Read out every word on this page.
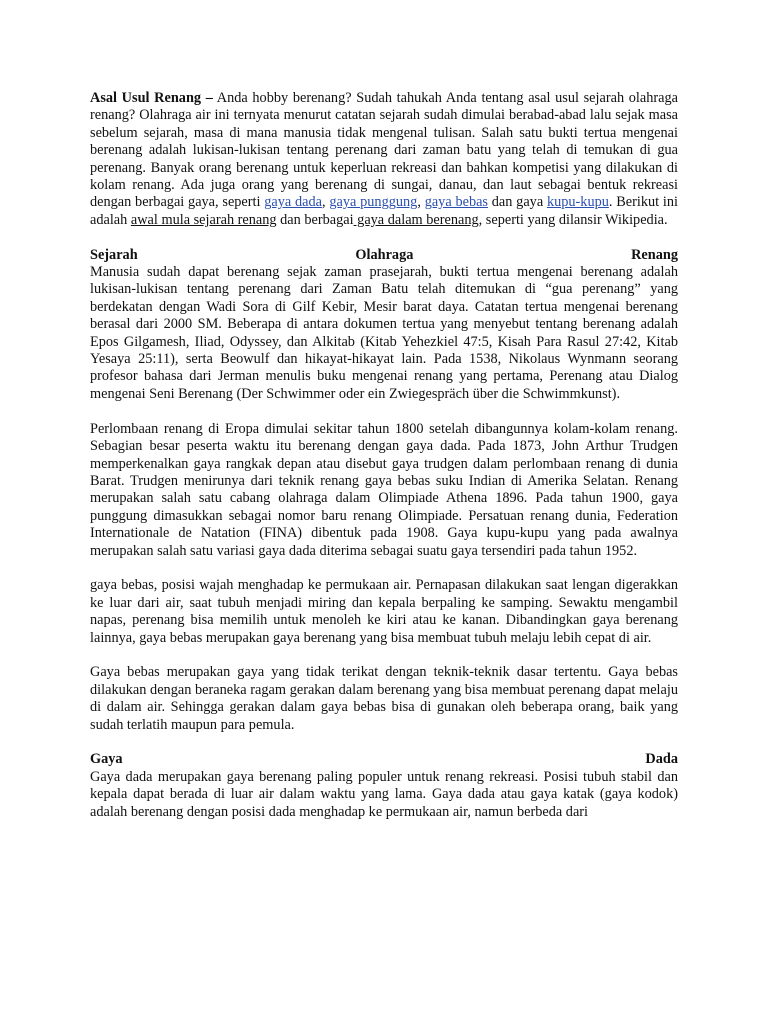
Asal Usul Renang – Anda hobby berenang? Sudah tahukah Anda tentang asal usul sejarah olahraga renang? Olahraga air ini ternyata menurut catatan sejarah sudah dimulai berabad-abad lalu sejak masa sebelum sejarah, masa di mana manusia tidak mengenal tulisan. Salah satu bukti tertua mengenai berenang adalah lukisan-lukisan tentang perenang dari zaman batu yang telah di temukan di gua perenang. Banyak orang berenang untuk keperluan rekreasi dan bahkan kompetisi yang dilakukan di kolam renang. Ada juga orang yang berenang di sungai, danau, dan laut sebagai bentuk rekreasi dengan berbagai gaya, seperti gaya dada, gaya punggung, gaya bebas dan gaya kupu-kupu. Berikut ini adalah awal mula sejarah renang dan berbagai gaya dalam berenang, seperti yang dilansir Wikipedia.

Sejarah	Olahraga	Renang

Manusia sudah dapat berenang sejak zaman prasejarah, bukti tertua mengenai berenang adalah lukisan-lukisan tentang perenang dari Zaman Batu telah ditemukan di “gua perenang” yang berdekatan dengan Wadi Sora di Gilf Kebir, Mesir barat daya. Catatan tertua mengenai berenang berasal dari 2000 SM. Beberapa di antara dokumen tertua yang menyebut tentang berenang adalah Epos Gilgamesh, Iliad, Odyssey, dan Alkitab (Kitab Yehezkiel 47:5, Kisah Para Rasul 27:42, Kitab Yesaya 25:11), serta Beowulf dan hikayat-hikayat lain. Pada 1538, Nikolaus Wynmann seorang profesor bahasa dari Jerman menulis buku mengenai renang yang pertama, Perenang atau Dialog mengenai Seni Berenang (Der Schwimmer oder ein Zwiegespräch über die Schwimmkunst).

Perlombaan renang di Eropa dimulai sekitar tahun 1800 setelah dibangunnya kolam-kolam renang. Sebagian besar peserta waktu itu berenang dengan gaya dada. Pada 1873, John Arthur Trudgen memperkenalkan gaya rangkak depan atau disebut gaya trudgen dalam perlombaan renang di dunia Barat. Trudgen menirunya dari teknik renang gaya bebas suku Indian di Amerika Selatan. Renang merupakan salah satu cabang olahraga dalam Olimpiade Athena 1896. Pada tahun 1900, gaya punggung dimasukkan sebagai nomor baru renang Olimpiade. Persatuan renang dunia, Federation Internationale de Natation (FINA) dibentuk pada 1908. Gaya kupu-kupu yang pada awalnya merupakan salah satu variasi gaya dada diterima sebagai suatu gaya tersendiri pada tahun 1952.

gaya bebas, posisi wajah menghadap ke permukaan air. Pernapasan dilakukan saat lengan digerakkan ke luar dari air, saat tubuh menjadi miring dan kepala berpaling ke samping. Sewaktu mengambil napas, perenang bisa memilih untuk menoleh ke kiri atau ke kanan. Dibandingkan gaya berenang lainnya, gaya bebas merupakan gaya berenang yang bisa membuat tubuh melaju lebih cepat di air.

Gaya bebas merupakan gaya yang tidak terikat dengan teknik-teknik dasar tertentu. Gaya bebas dilakukan dengan beraneka ragam gerakan dalam berenang yang bisa membuat perenang dapat melaju di dalam air. Sehingga gerakan dalam gaya bebas bisa di gunakan oleh beberapa orang, baik yang sudah terlatih maupun para pemula.

Gaya	Dada

Gaya dada merupakan gaya berenang paling populer untuk renang rekreasi. Posisi tubuh stabil dan kepala dapat berada di luar air dalam waktu yang lama. Gaya dada atau gaya katak (gaya kodok) adalah berenang dengan posisi dada menghadap ke permukaan air, namun berbeda dari
